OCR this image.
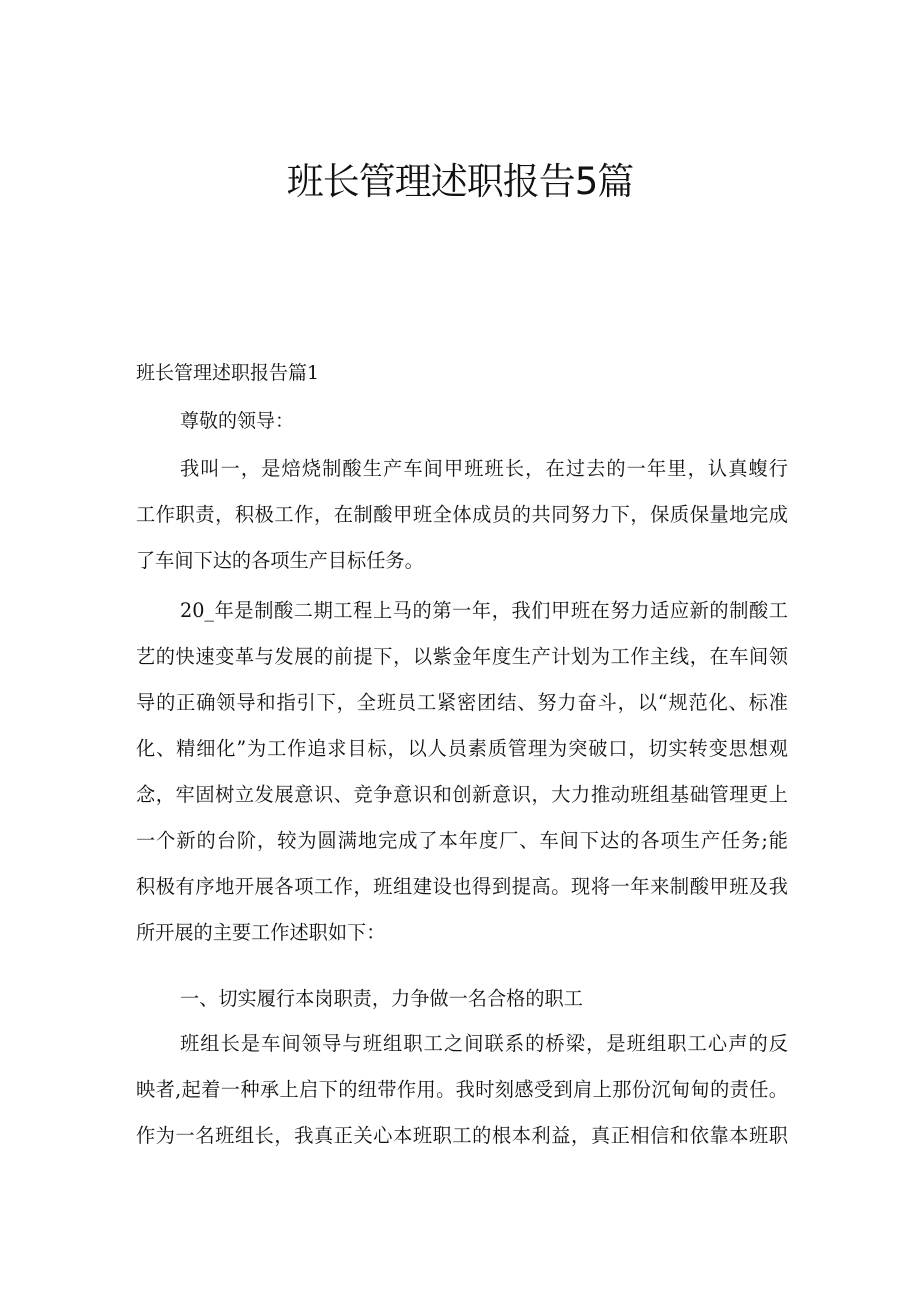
班长管理述职报告5篇

班长管理述职报告篇1

尊敬的领导：

我叫一，是焙烧制酸生产车间甲班班长，在过去的一年里，认真蝮行
工作职责，积极工作，在制酸甲班全体成员的共同努力下，保质保量地完成
了车间下达的各项生产目标任务。
20_年是制酸二期工程上马的第一年，我们甲班在努力适应新的制酸工
艺的快速变革与发展的前提下，以紫金年度生产计划为工作主线，在车间领
导的正确领导和指引下，全班员工紧密团结、努力奋斗，以“规范化、标准
化、精细化”为工作追求目标，以人员素质管理为突破口，切实转变思想观
念，牢固树立发展意识、竞争意识和创新意识，大力推动班组基础管理更上
一个新的台阶，较为圆满地完成了本年度厂、车间下达的各项生产任务;能
积极有序地开展各项工作，班组建设也得到提高。现将一年来制酸甲班及我
所开展的主要工作述职如下：

一、切实履行本岗职责，力争做一名合格的职工

班组长是车间领导与班组职工之间联系的桥梁，是班组职工心声的反
映者,起着一种承上启下的纽带作用。我时刻感受到肩上那份沉甸甸的责任。
作为一名班组长，我真正关心本班职工的根本利益，真正相信和依靠本班职
